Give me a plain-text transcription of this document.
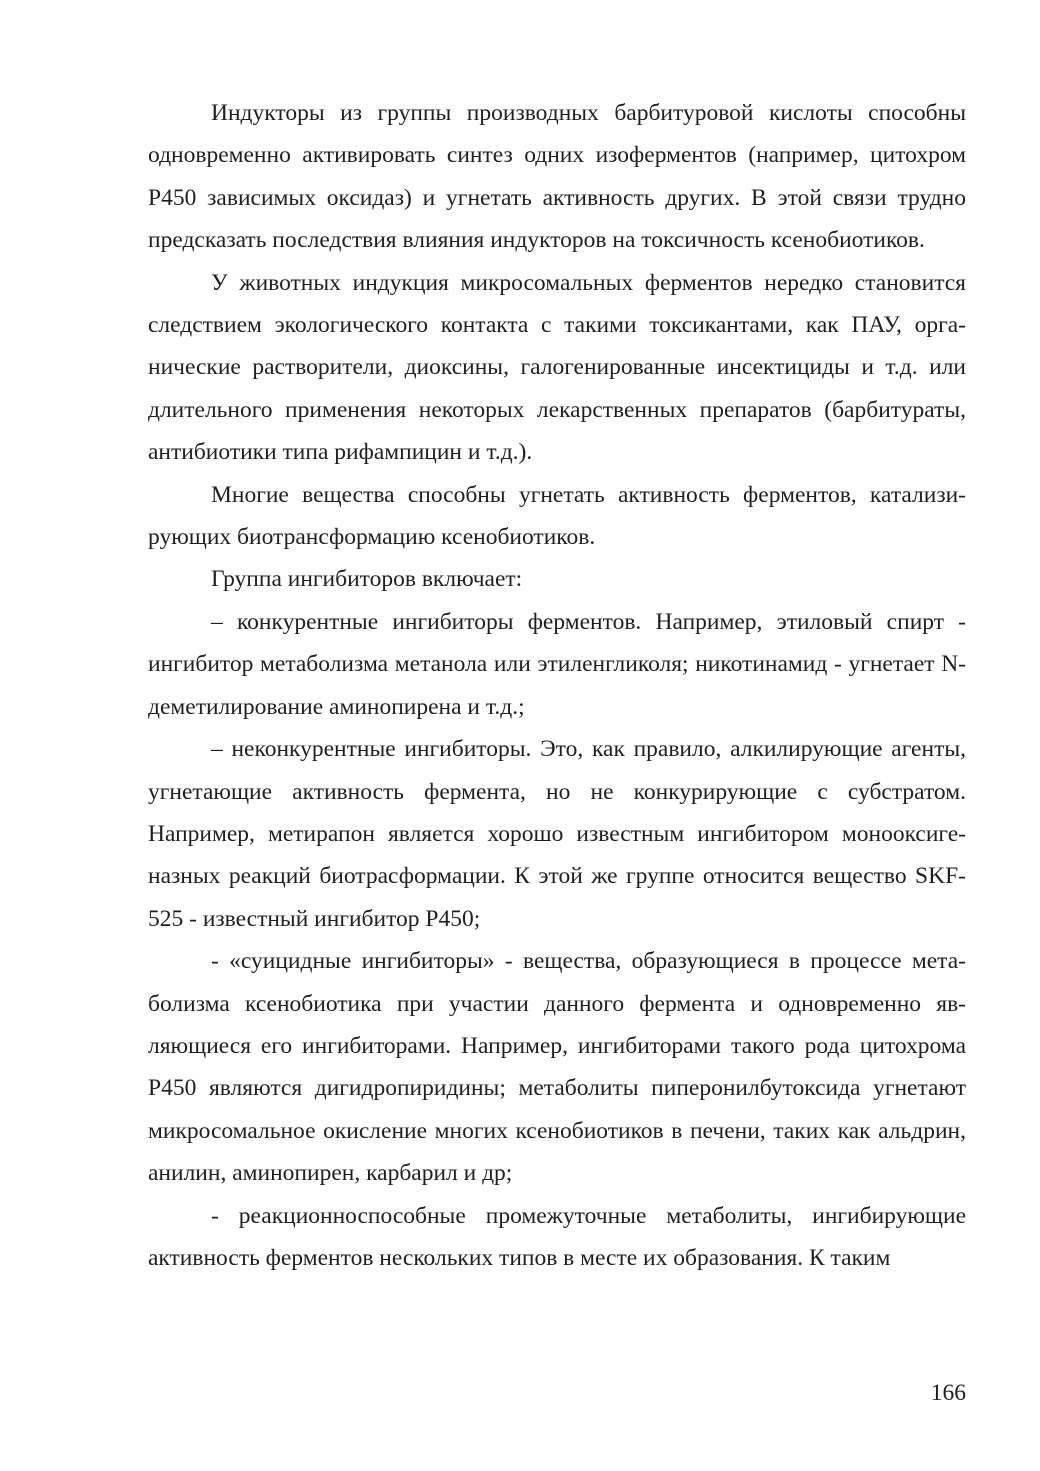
Индукторы из группы производных барбитуровой кислоты способны одновременно активировать синтез одних изоферментов (например, цитохром Р450 зависимых оксидаз) и угнетать активность других. В этой связи трудно предсказать последствия влияния индукторов на токсичность ксенобиотиков.

У животных индукция микросомальных ферментов нередко становится следствием экологического контакта с такими токсикантами, как ПАУ, органические растворители, диоксины, галогенированные инсектициды и т.д. или длительного применения некоторых лекарственных препаратов (барбитураты, антибиотики типа рифампицин и т.д.).

Многие вещества способны угнетать активность ферментов, катализирующих биотрансформацию ксенобиотиков.

Группа ингибиторов включает:

– конкурентные ингибиторы ферментов. Например, этиловый спирт - ингибитор метаболизма метанола или этиленгликоля; никотинамид - угнетает N-деметилирование аминопирена и т.д.;

– неконкурентные ингибиторы. Это, как правило, алкилирующие агенты, угнетающие активность фермента, но не конкурирующие с субстратом. Например, метирапон является хорошо известным ингибитором монооксигеназных реакций биотрасформации. К этой же группе относится вещество SKF-525 - известный ингибитор Р450;

- «суицидные ингибиторы» - вещества, образующиеся в процессе метаболизма ксенобиотика при участии данного фермента и одновременно являющиеся его ингибиторами. Например, ингибиторами такого рода цитохрома Р450 являются дигидропиридины; метаболиты пиперонилбутоксида угнетают микросомальное окисление многих ксенобиотиков в печени, таких как альдрин, анилин, аминопирен, карбарил и др;

- реакционноспособные промежуточные метаболиты, ингибирующие активность ферментов нескольких типов в месте их образования. К таким

166
